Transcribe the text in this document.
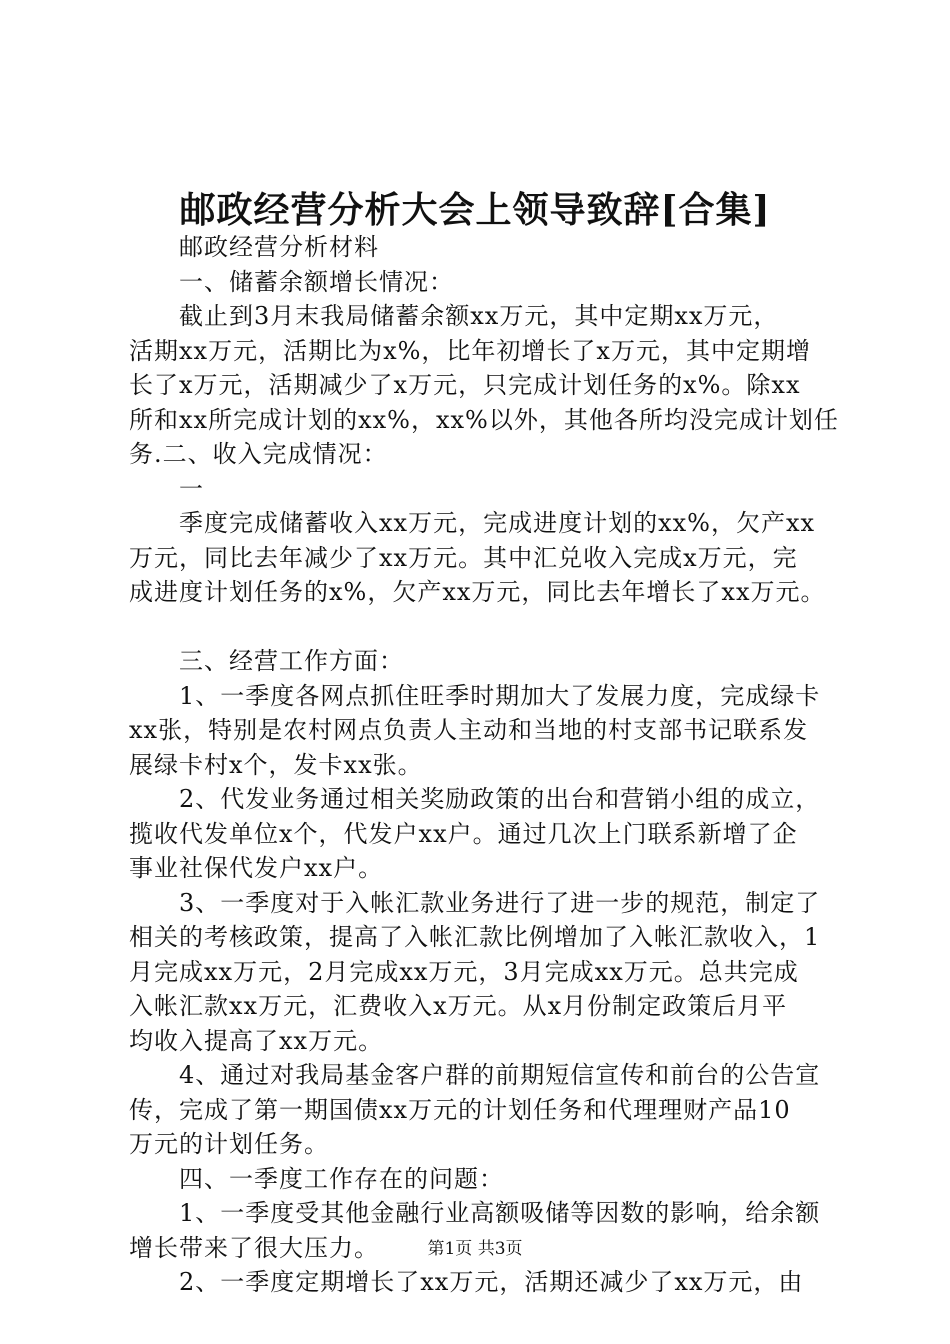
邮政经营分析大会上领导致辞[合集]
邮政经营分析材料
一、储蓄余额增长情况：
截止到3月末我局储蓄余额xx万元，其中定期xx万元，
活期xx万元，活期比为x%，比年初增长了x万元，其中定期增
长了x万元，活期减少了x万元，只完成计划任务的x%。除xx
所和xx所完成计划的xx%，xx%以外，其他各所均没完成计划任
务.二、收入完成情况：
一
季度完成储蓄收入xx万元，完成进度计划的xx%，欠产xx
万元，同比去年减少了xx万元。其中汇兑收入完成x万元，完
成进度计划任务的x%，欠产xx万元，同比去年增长了xx万元。
三、经营工作方面：
1、一季度各网点抓住旺季时期加大了发展力度，完成绿卡
xx张，特别是农村网点负责人主动和当地的村支部书记联系发
展绿卡村x个，发卡xx张。
2、代发业务通过相关奖励政策的出台和营销小组的成立，
揽收代发单位x个，代发户xx户。通过几次上门联系新增了企
事业社保代发户xx户。
3、一季度对于入帐汇款业务进行了进一步的规范，制定了
相关的考核政策，提高了入帐汇款比例增加了入帐汇款收入，1
月完成xx万元，2月完成xx万元，3月完成xx万元。总共完成
入帐汇款xx万元，汇费收入x万元。从x月份制定政策后月平
均收入提高了xx万元。
4、通过对我局基金客户群的前期短信宣传和前台的公告宣
传，完成了第一期国债xx万元的计划任务和代理理财产品10
万元的计划任务。
四、一季度工作存在的问题：
1、一季度受其他金融行业高额吸储等因数的影响，给余额
增长带来了很大压力。
2、一季度定期增长了xx万元，活期还减少了xx万元，由
第1页 共3页
